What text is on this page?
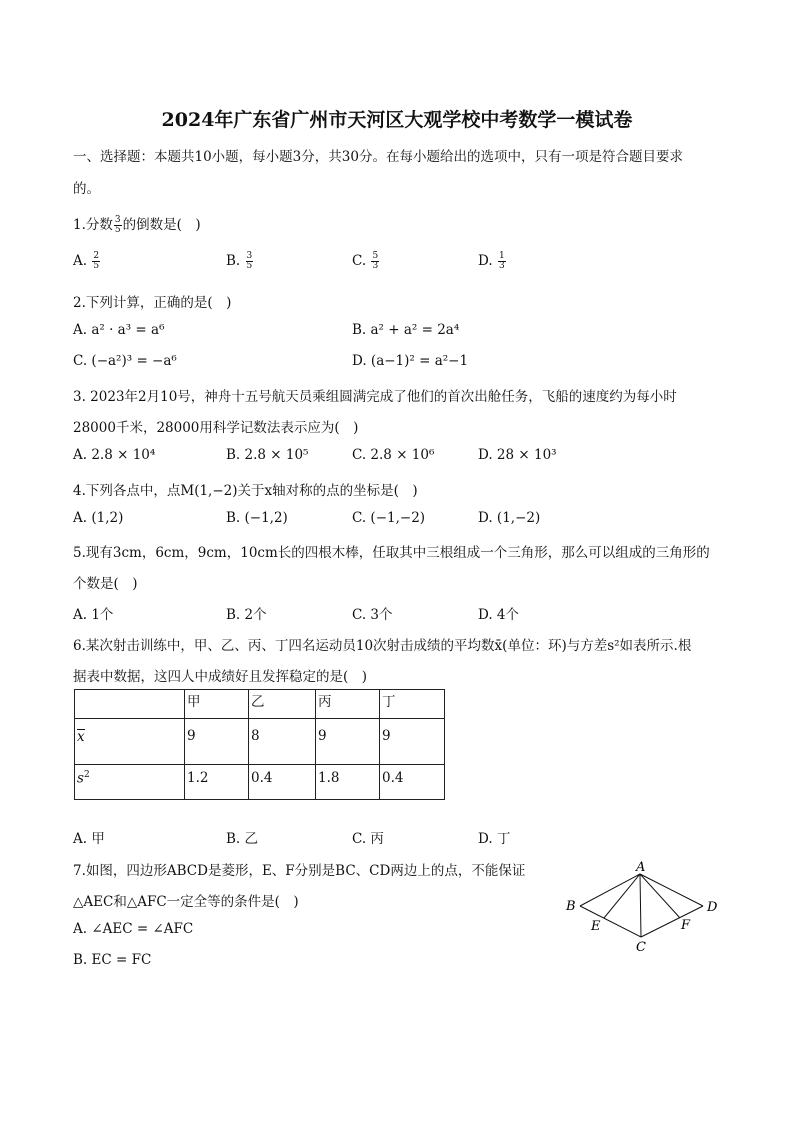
2024年广东省广州市天河区大观学校中考数学一模试卷
一、选择题：本题共10小题，每小题3分，共30分。在每小题给出的选项中，只有一项是符合题目要求
的。
1.分数 $\frac{3}{5}$ 的倒数是(　)
A. $\frac{2}{5}$	B. $\frac{3}{5}$	C. $\frac{5}{3}$	D. $\frac{1}{3}$
2.下列计算，正确的是(　)
A. a² · a³ = a⁶	B. a² + a² = 2a⁴
C. (−a²)³ = −a⁶	D. (a−1)² = a²−1
3. 2023年2月10号，神舟十五号航天员乘组圆满完成了他们的首次出舱任务，飞船的速度约为每小时
28000千米，28000用科学记数法表示应为(　)
A. 2.8 × 10⁴	B. 2.8 × 10⁵	C. 2.8 × 10⁶	D. 28 × 10³
4.下列各点中，点M(1,−2)关于x轴对称的点的坐标是(　)
A. (1,2)	B. (−1,2)	C. (−1,−2)	D. (1,−2)
5.现有3cm，6cm，9cm，10cm长的四根木棒，任取其中三根组成一个三角形，那么可以组成的三角形的
个数是(　)
A. 1个	B. 2个	C. 3个	D. 4个
6.某次射击训练中，甲、乙、丙、丁四名运动员10次射击成绩的平均数x̄(单位：环)与方差s²如表所示.根
据表中数据，这四人中成绩好且发挥稳定的是(　)
	甲	乙	丙	丁
x	9	8	9	9
$s^2$	1.2	0.4	1.8	0.4
A. 甲	B. 乙	C. 丙	D. 丁
7.如图，四边形ABCD是菱形，E、F分别是BC、CD两边上的点，不能保证
△AEC和△AFC一定全等的条件是(　)
A. ∠AEC = ∠AFC
B. EC = FC
A
B
C
D
E	F
